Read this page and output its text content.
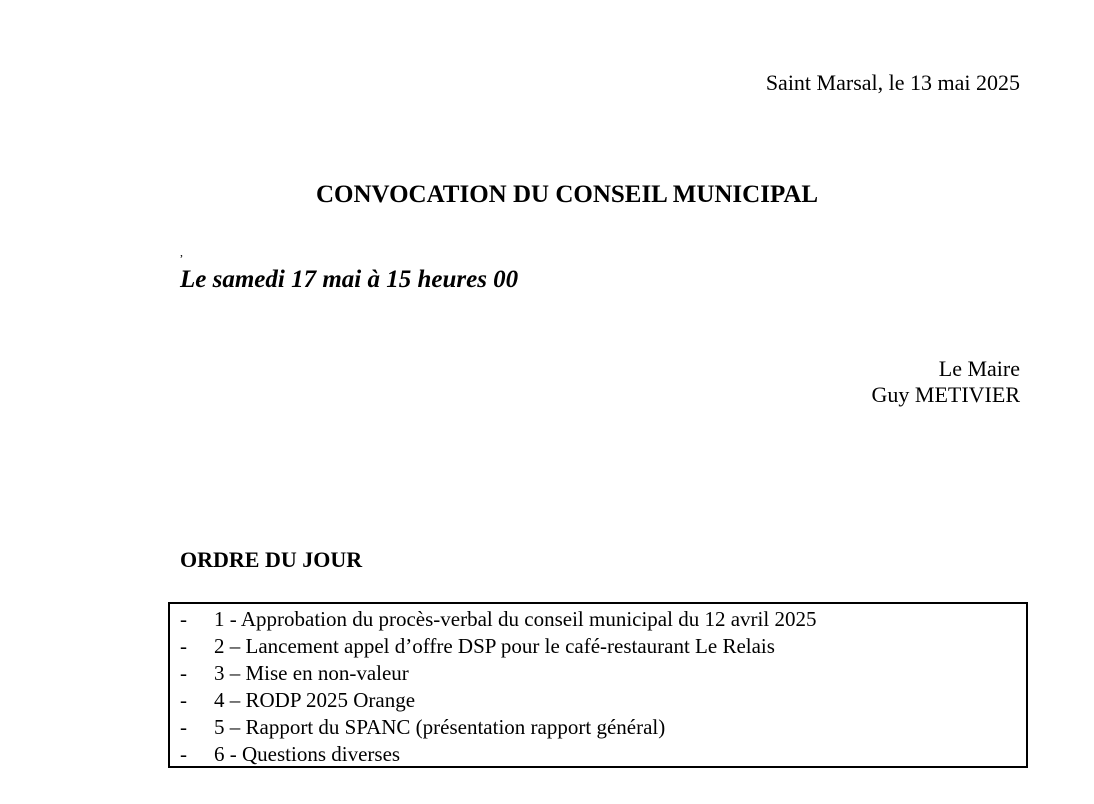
Saint Marsal, le 13 mai 2025
CONVOCATION DU CONSEIL MUNICIPAL
,
Le samedi 17 mai à 15 heures 00
Le Maire
Guy METIVIER
ORDRE DU JOUR
-	1 - Approbation du procès-verbal du conseil municipal du 12 avril 2025
-	2 – Lancement appel d’offre DSP pour le café-restaurant Le Relais
-	3 – Mise en non-valeur
-	4 – RODP 2025 Orange
-	5 – Rapport du SPANC (présentation rapport général)
-	6 - Questions diverses
